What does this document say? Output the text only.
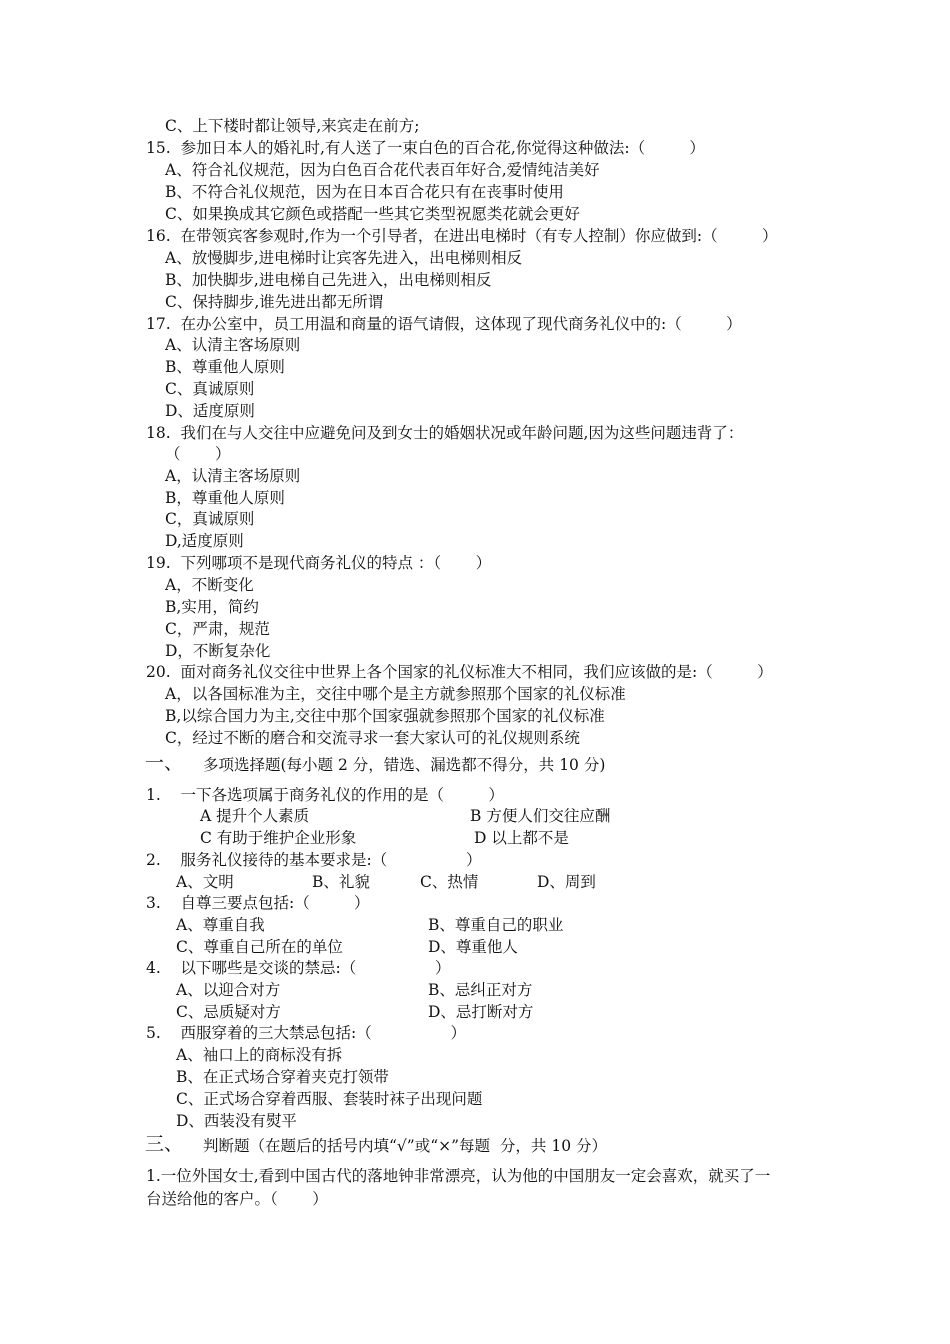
C、上下楼时都让领导,来宾走在前方;
15.  参加日本人的婚礼时,有人送了一束白色的百合花,你觉得这种做法:（         ）
A、符合礼仪规范，因为白色百合花代表百年好合,爱情纯洁美好
B、不符合礼仪规范，因为在日本百合花只有在丧事时使用
C、如果换成其它颜色或搭配一些其它类型祝愿类花就会更好
16.  在带领宾客参观时,作为一个引导者，在进出电梯时（有专人控制）你应做到:（         ）
A、放慢脚步,进电梯时让宾客先进入，出电梯则相反
B、加快脚步,进电梯自己先进入，出电梯则相反
C、保持脚步,谁先进出都无所谓
17.  在办公室中，员工用温和商量的语气请假，这体现了现代商务礼仪中的:（         ）
A、认清主客场原则
B、尊重他人原则
C、真诚原则
D、适度原则
18.  我们在与人交往中应避免问及到女士的婚姻状况或年龄问题,因为这些问题违背了：
（       ）
A，认清主客场原则
B，尊重他人原则
C，真诚原则
D,适度原则
19.  下列哪项不是现代商务礼仪的特点 ：（       ）
A，不断变化
B,实用，简约
C，严肃，规范
D，不断复杂化
20.  面对商务礼仪交往中世界上各个国家的礼仪标准大不相同，我们应该做的是:（         ）
A，以各国标准为主，交往中哪个是主方就参照那个国家的礼仪标准
B,以综合国力为主,交往中那个国家强就参照那个国家的礼仪标准
C，经过不断的磨合和交流寻求一套大家认可的礼仪规则系统
一、 多项选择题(每小题 2 分，错选、漏选都不得分，共 10 分)
1.    一下各选项属于商务礼仪的作用的是（         ）
A 提升个人素质	B 方便人们交往应酬
C 有助于维护企业形象	D 以上都不是
2.    服务礼仪接待的基本要求是:（                ）
A、文明	B、礼貌	C、热情	D、周到
3.    自尊三要点包括:（         ）
A、尊重自我	B、尊重自己的职业
C、尊重自己所在的单位	D、尊重他人
4.    以下哪些是交谈的禁忌:（                ）
A、以迎合对方	B、忌纠正对方
C、忌质疑对方	D、忌打断对方
5.    西服穿着的三大禁忌包括:（                ）
A、袖口上的商标没有拆
B、在正式场合穿着夹克打领带
C、正式场合穿着西服、套装时袜子出现问题
D、西装没有熨平
三、 判断题（在题后的括号内填“√”或“×”每题  分，共 10 分）
1.一位外国女士,看到中国古代的落地钟非常漂亮，认为他的中国朋友一定会喜欢，就买了一
台送给他的客户。（       ）
